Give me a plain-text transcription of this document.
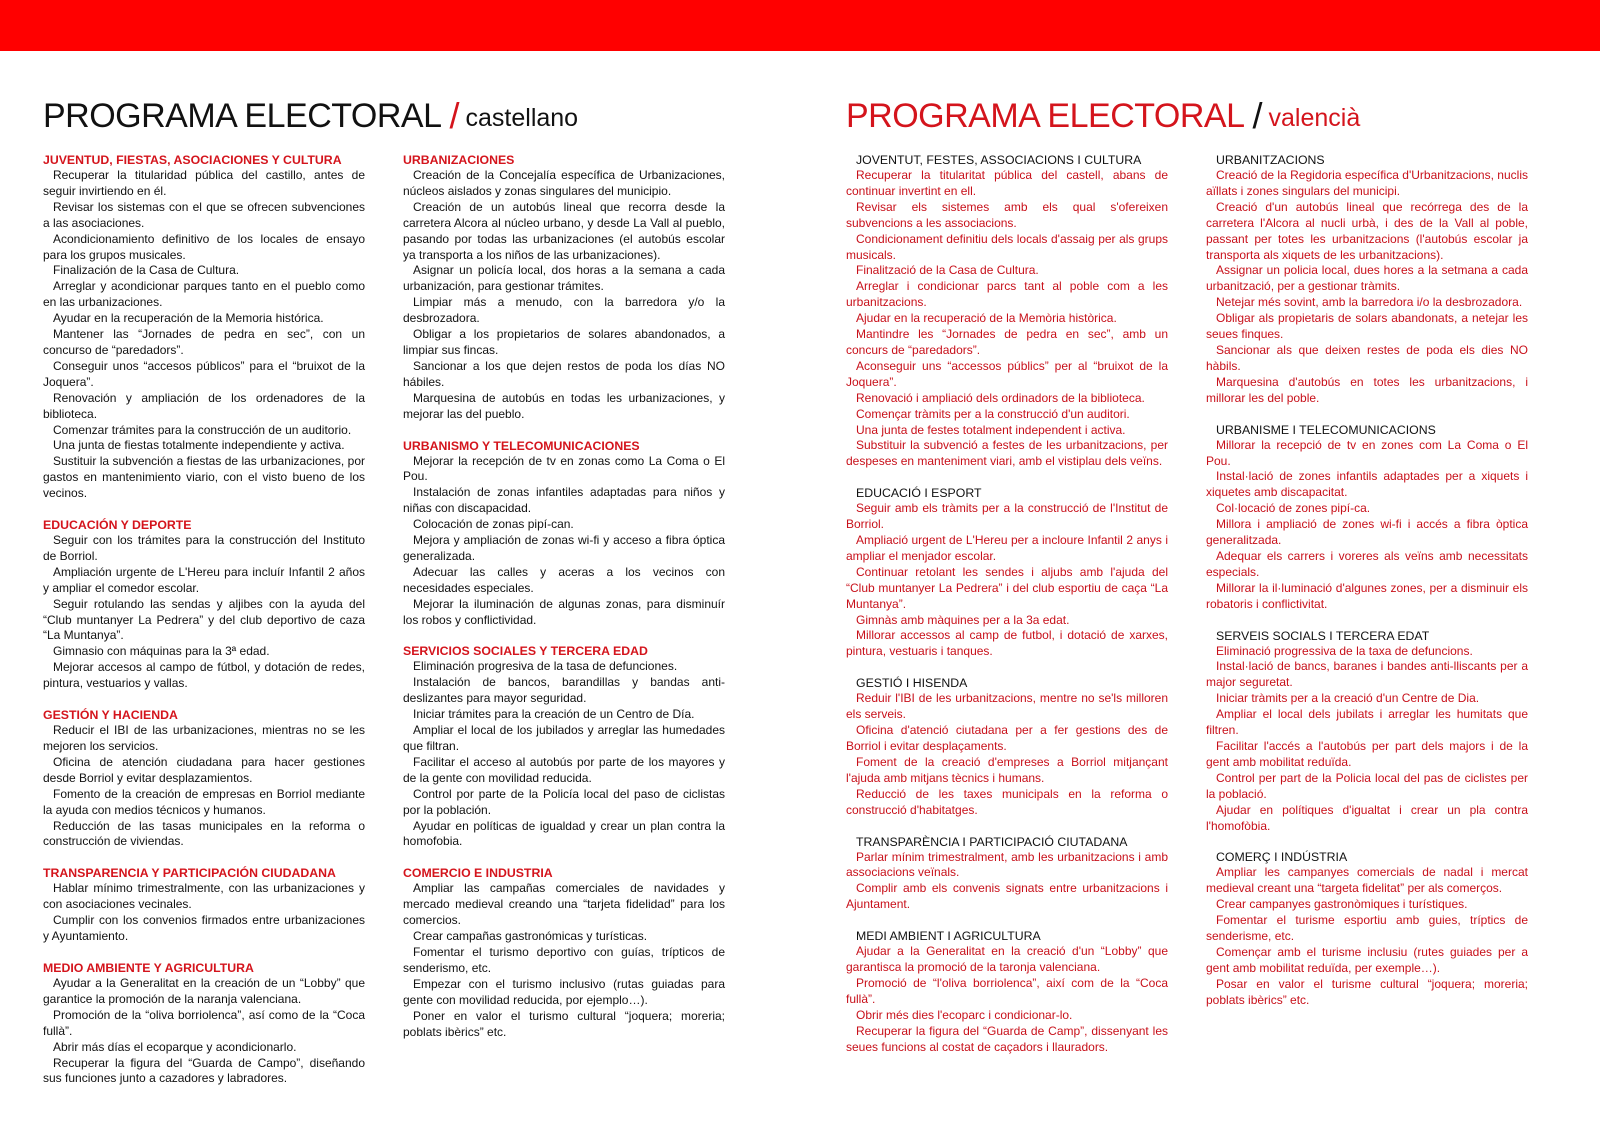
PROGRAMA ELECTORAL / castellano
JUVENTUD, FIESTAS, ASOCIACIONES Y CULTURA
Recuperar la titularidad pública del castillo, antes de seguir invirtiendo en él.
Revisar los sistemas con el que se ofrecen subvenciones a las asociaciones.
Acondicionamiento definitivo de los locales de ensayo para los grupos musicales.
Finalización de la Casa de Cultura.
Arreglar y acondicionar parques tanto en el pueblo como en las urbanizaciones.
Ayudar en la recuperación de la Memoria histórica.
Mantener las “Jornades de pedra en sec”, con un concurso de “paredadors”.
Conseguir unos “accesos públicos” para el “bruixot de la Joquera”.
Renovación y ampliación de los ordenadores de la biblioteca.
Comenzar trámites para la construcción de un auditorio.
Una junta de fiestas totalmente independiente y activa.
Sustituir la subvención a fiestas de las urbanizaciones, por gastos en mantenimiento viario, con el visto bueno de los vecinos.
EDUCACIÓN Y DEPORTE
Seguir con los trámites para la construcción del Instituto de Borriol.
Ampliación urgente de L'Hereu para incluír Infantil 2 años y ampliar el comedor escolar.
Seguir rotulando las sendas y aljibes con la ayuda del “Club muntanyer La Pedrera” y del club deportivo de caza “La Muntanya”.
Gimnasio con máquinas para la 3ª edad.
Mejorar accesos al campo de fútbol, y dotación de redes, pintura, vestuarios y vallas.
GESTIÓN Y HACIENDA
Reducir el IBI de las urbanizaciones, mientras no se les mejoren los servicios.
Oficina de atención ciudadana para hacer gestiones desde Borriol y evitar desplazamientos.
Fomento de la creación de empresas en Borriol mediante la ayuda con medios técnicos y humanos.
Reducción de las tasas municipales en la reforma o construcción de viviendas.
TRANSPARENCIA Y PARTICIPACIÓN CIUDADANA
Hablar mínimo trimestralmente, con las urbanizaciones y con asociaciones vecinales.
Cumplir con los convenios firmados entre urbanizaciones y Ayuntamiento.
MEDIO AMBIENTE Y AGRICULTURA
Ayudar a la Generalitat en la creación de un “Lobby” que garantice la promoción de la naranja valenciana.
Promoción de la “oliva borriolenca”, así como de la “Coca fullà”.
Abrir más días el ecoparque y acondicionarlo.
Recuperar la figura del “Guarda de Campo”, diseñando sus funciones junto a cazadores y labradores.
URBANIZACIONES
Creación de la Concejalía específica de Urbanizaciones, núcleos aislados y zonas singulares del municipio.
Creación de un autobús lineal que recorra desde la carretera Alcora al núcleo urbano, y desde La Vall al pueblo, pasando por todas las urbanizaciones (el autobús escolar ya transporta a los niños de las urbanizaciones).
Asignar un policía local, dos horas a la semana a cada urbanización, para gestionar trámites.
Limpiar más a menudo, con la barredora y/o la desbrozadora.
Obligar a los propietarios de solares abandonados, a limpiar sus fincas.
Sancionar a los que dejen restos de poda los días NO hábiles.
Marquesina de autobús en todas les urbanizaciones, y mejorar las del pueblo.
URBANISMO Y TELECOMUNICACIONES
Mejorar la recepción de tv en zonas como La Coma o El Pou.
Instalación de zonas infantiles adaptadas para niños y niñas con discapacidad.
Colocación de zonas pipí-can.
Mejora y ampliación de zonas wi-fi y acceso a fibra óptica generalizada.
Adecuar las calles y aceras a los vecinos con necesidades especiales.
Mejorar la iluminación de algunas zonas, para disminuír los robos y conflictividad.
SERVICIOS SOCIALES Y TERCERA EDAD
Eliminación progresiva de la tasa de defunciones.
Instalación de bancos, barandillas y bandas anti-deslizantes para mayor seguridad.
Iniciar trámites para la creación de un Centro de Día.
Ampliar el local de los jubilados y arreglar las humedades que filtran.
Facilitar el acceso al autobús por parte de los mayores y de la gente con movilidad reducida.
Control por parte de la Policía local del paso de ciclistas por la población.
Ayudar en políticas de igualdad y crear un plan contra la homofobia.
COMERCIO E INDUSTRIA
Ampliar las campañas comerciales de navidades y mercado medieval creando una “tarjeta fidelidad” para los comercios.
Crear campañas gastronómicas y turísticas.
Fomentar el turismo deportivo con guías, trípticos de senderismo, etc.
Empezar con el turismo inclusivo (rutas guiadas para gente con movilidad reducida, por ejemplo…).
Poner en valor el turismo cultural “joquera; moreria; poblats ibèrics” etc.
PROGRAMA ELECTORAL / valencià
JOVENTUT, FESTES, ASSOCIACIONS I CULTURA
Recuperar la titularitat pública del castell, abans de continuar invertint en ell.
Revisar els sistemes amb els qual s'ofereixen subvencions a les associacions.
Condicionament definitiu dels locals d'assaig per als grups musicals.
Finalització de la Casa de Cultura.
Arreglar i condicionar parcs tant al poble com a les urbanitzacions.
Ajudar en la recuperació de la Memòria històrica.
Mantindre les “Jornades de pedra en sec”, amb un concurs de “paredadors”.
Aconseguir uns “accessos públics” per al “bruixot de la Joquera”.
Renovació i ampliació dels ordinadors de la biblioteca.
Començar tràmits per a la construcció d'un auditori.
Una junta de festes totalment independent i activa.
Substituir la subvenció a festes de les urbanitzacions, per despeses en manteniment viari, amb el vistiplau dels veïns.
EDUCACIÓ I ESPORT
Seguir amb els tràmits per a la construcció de l'Institut de Borriol.
Ampliació urgent de L'Hereu per a incloure Infantil 2 anys i ampliar el menjador escolar.
Continuar retolant les sendes i aljubs amb l'ajuda del “Club muntanyer La Pedrera” i del club esportiu de caça “La Muntanya”.
Gimnàs amb màquines per a la 3a edat.
Millorar accessos al camp de futbol, i dotació de xarxes, pintura, vestuaris i tanques.
GESTIÓ I HISENDA
Reduir l'IBI de les urbanitzacions, mentre no se'ls milloren els serveis.
Oficina d'atenció ciutadana per a fer gestions des de Borriol i evitar desplaçaments.
Foment de la creació d'empreses a Borriol mitjançant l'ajuda amb mitjans tècnics i humans.
Reducció de les taxes municipals en la reforma o construcció d'habitatges.
TRANSPARÈNCIA I PARTICIPACIÓ CIUTADANA
Parlar mínim trimestralment, amb les urbanitzacions i amb associacions veïnals.
Complir amb els convenis signats entre urbanitzacions i Ajuntament.
MEDI AMBIENT I AGRICULTURA
Ajudar a la Generalitat en la creació d'un “Lobby” que garantisca la promoció de la taronja valenciana.
Promoció de “l'oliva borriolenca”, així com de la “Coca fullà”.
Obrir més dies l'ecoparc i condicionar-lo.
Recuperar la figura del “Guarda de Camp”, dissenyant les seues funcions al costat de caçadors i llauradors.
URBANITZACIONS
Creació de la Regidoria específica d'Urbanitzacions, nuclis aïllats i zones singulars del municipi.
Creació d'un autobús lineal que recórrega des de la carretera l'Alcora al nucli urbà, i des de la Vall al poble, passant per totes les urbanitzacions (l'autobús escolar ja transporta als xiquets de les urbanitzacions).
Assignar un policia local, dues hores a la setmana a cada urbanització, per a gestionar tràmits.
Netejar més sovint, amb la barredora i/o la desbrozadora.
Obligar als propietaris de solars abandonats, a netejar les seues finques.
Sancionar als que deixen restes de poda els dies NO hàbils.
Marquesina d'autobús en totes les urbanitzacions, i millorar les del poble.
URBANISME I TELECOMUNICACIONS
Millorar la recepció de tv en zones com La Coma o El Pou.
Instal·lació de zones infantils adaptades per a xiquets i xiquetes amb discapacitat.
Col·locació de zones pipí-ca.
Millora i ampliació de zones wi-fi i accés a fibra òptica generalitzada.
Adequar els carrers i voreres als veïns amb necessitats especials.
Millorar la il·luminació d'algunes zones, per a disminuir els robatoris i conflictivitat.
SERVEIS SOCIALS I TERCERA EDAT
Eliminació progressiva de la taxa de defuncions.
Instal·lació de bancs, baranes i bandes anti-lliscants per a major seguretat.
Iniciar tràmits per a la creació d'un Centre de Dia.
Ampliar el local dels jubilats i arreglar les humitats que filtren.
Facilitar l'accés a l'autobús per part dels majors i de la gent amb mobilitat reduïda.
Control per part de la Policia local del pas de ciclistes per la població.
Ajudar en polítiques d'igualtat i crear un pla contra l'homofòbia.
COMERÇ I INDÚSTRIA
Ampliar les campanyes comercials de nadal i mercat medieval creant una “targeta fidelitat” per als comerços.
Crear campanyes gastronòmiques i turístiques.
Fomentar el turisme esportiu amb guies, tríptics de senderisme, etc.
Començar amb el turisme inclusiu (rutes guiades per a gent amb mobilitat reduïda, per exemple…).
Posar en valor el turisme cultural “joquera; moreria; poblats ibèrics” etc.
